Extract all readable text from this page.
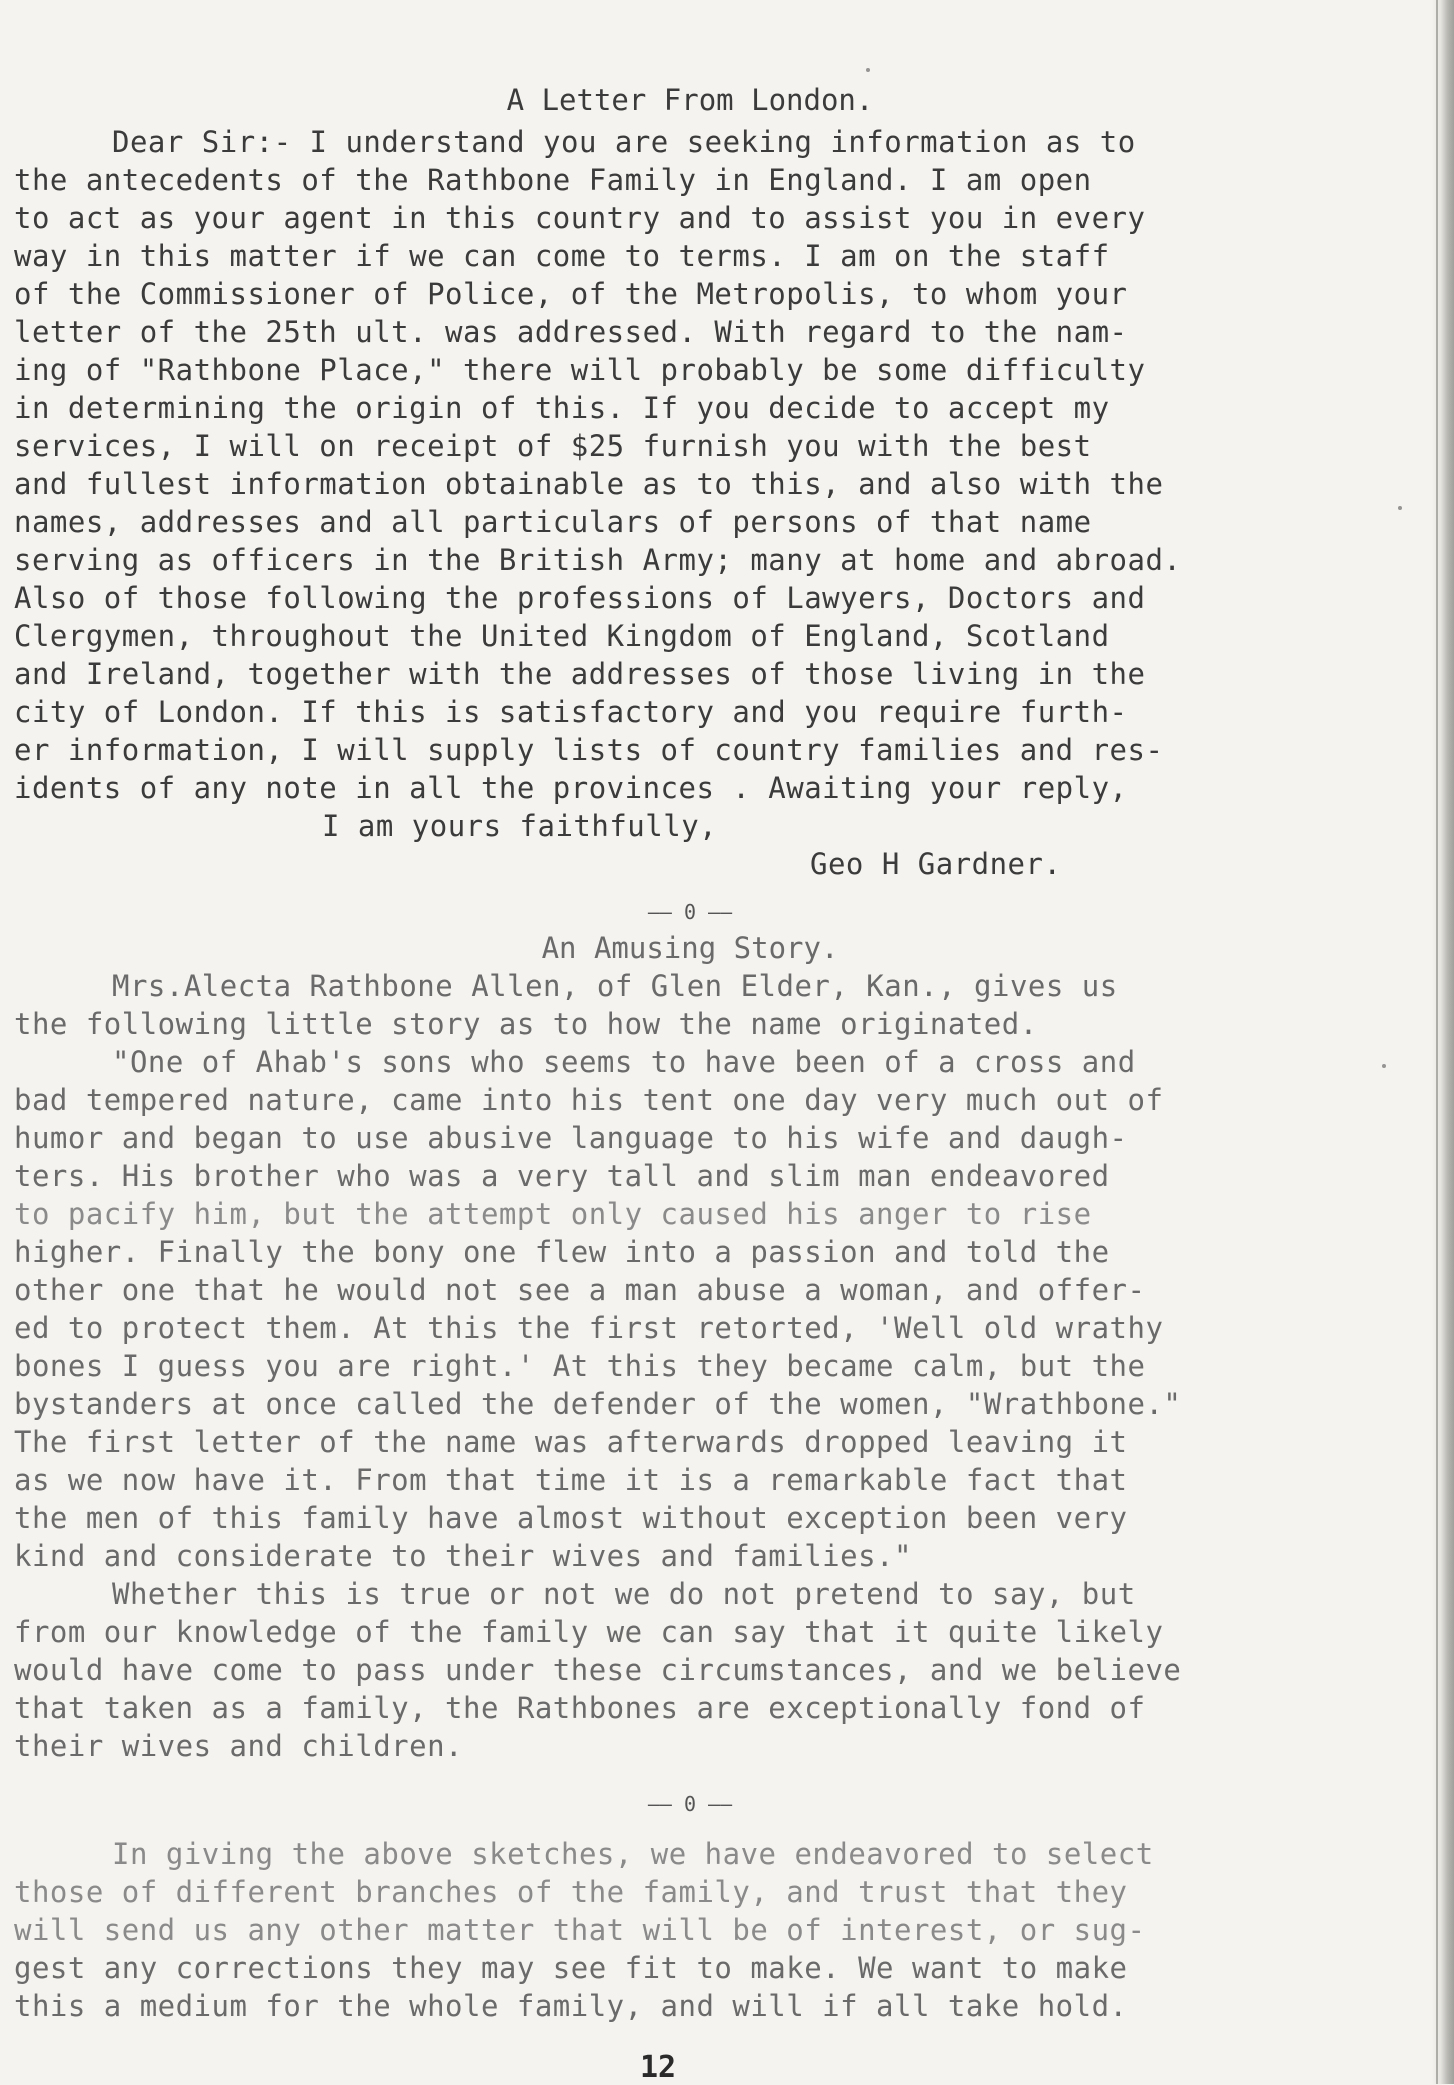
A Letter From London.
Dear Sir:- I understand you are seeking information as to
the antecedents of the Rathbone Family in England. I am open
to act as your agent in this country and to assist you in every
way in this matter if we can come to terms. I am on the staff
of the Commissioner of Police, of the Metropolis, to whom your
letter of the 25th ult. was addressed. With regard to the nam-
ing of "Rathbone Place," there will probably be some difficulty
in determining the origin of this. If you decide to accept my
services, I will on receipt of $25 furnish you with the best
and fullest information obtainable as to this, and also with the
names, addresses and all particulars of persons of that name
serving as officers in the British Army; many at home and abroad.
Also of those following the professions of Lawyers, Doctors and
Clergymen, throughout the United Kingdom of England, Scotland
and Ireland, together with the addresses of those living in the
city of London. If this is satisfactory and you require furth-
er information, I will supply lists of country families and res-
idents of any note in all the provinces . Awaiting your reply,
I am yours faithfully,
Geo H Gardner.
—— 0 ——
An Amusing Story.
Mrs.Alecta Rathbone Allen, of Glen Elder, Kan., gives us
the following little story as to how the name originated.
"One of Ahab's sons who seems to have been of a cross and
bad tempered nature, came into his tent one day very much out of
humor and began to use abusive language to his wife and daugh-
ters. His brother who was a very tall and slim man endeavored
to pacify him, but the attempt only caused his anger to rise
higher. Finally the bony one flew into a passion and told the
other one that he would not see a man abuse a woman, and offer-
ed to protect them. At this the first retorted, 'Well old wrathy
bones I guess you are right.' At this they became calm, but the
bystanders at once called the defender of the women, "Wrathbone."
The first letter of the name was afterwards dropped leaving it
as we now have it. From that time it is a remarkable fact that
the men of this family have almost without exception been very
kind and considerate to their wives and families."
Whether this is true or not we do not pretend to say, but
from our knowledge of the family we can say that it quite likely
would have come to pass under these circumstances, and we believe
that taken as a family, the Rathbones are exceptionally fond of
their wives and children.
—— 0 ——
In giving the above sketches, we have endeavored to select
those of different branches of the family, and trust that they
will send us any other matter that will be of interest, or sug-
gest any corrections they may see fit to make. We want to make
this a medium for the whole family, and will if all take hold.
12
